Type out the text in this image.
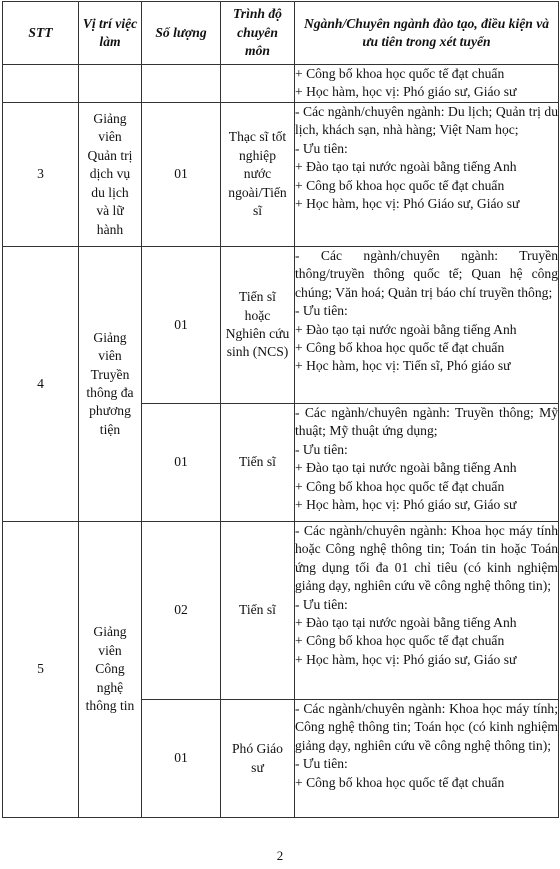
STT	Vị trí việc làm	Số lượng	Trình độ chuyên môn	Ngành/Chuyên ngành đào tạo, điều kiện và ưu tiên trong xét tuyển

				+ Công bố khoa học quốc tế đạt chuẩn
+ Học hàm, học vị: Phó giáo sư, Giáo sư

3	Giảng viên Quản trị dịch vụ du lịch và lữ hành	01	Thạc sĩ tốt nghiệp nước ngoài/Tiến sĩ	- Các ngành/chuyên ngành: Du lịch; Quản trị du lịch, khách sạn, nhà hàng; Việt Nam học;
- Ưu tiên:
+ Đào tạo tại nước ngoài bằng tiếng Anh
+ Công bố khoa học quốc tế đạt chuẩn
+ Học hàm, học vị: Phó Giáo sư, Giáo sư

4	Giảng viên Truyền thông đa phương tiện	01	Tiến sĩ hoặc Nghiên cứu sinh (NCS)	- Các ngành/chuyên ngành: Truyền thông/truyền thông quốc tế; Quan hệ công chúng; Văn hoá; Quản trị báo chí truyền thông;
- Ưu tiên:
+ Đào tạo tại nước ngoài bằng tiếng Anh
+ Công bố khoa học quốc tế đạt chuẩn
+ Học hàm, học vị: Tiến sĩ, Phó giáo sư

		01	Tiến sĩ	- Các ngành/chuyên ngành: Truyền thông; Mỹ thuật; Mỹ thuật ứng dụng;
- Ưu tiên:
+ Đào tạo tại nước ngoài bằng tiếng Anh
+ Công bố khoa học quốc tế đạt chuẩn
+ Học hàm, học vị: Phó giáo sư, Giáo sư

5	Giảng viên Công nghệ thông tin	02	Tiến sĩ	- Các ngành/chuyên ngành: Khoa học máy tính hoặc Công nghệ thông tin; Toán tin hoặc Toán ứng dụng tối đa 01 chỉ tiêu (có kinh nghiệm giảng dạy, nghiên cứu về công nghệ thông tin);
- Ưu tiên:
+ Đào tạo tại nước ngoài bằng tiếng Anh
+ Công bố khoa học quốc tế đạt chuẩn
+ Học hàm, học vị: Phó giáo sư, Giáo sư

		01	Phó Giáo sư	- Các ngành/chuyên ngành: Khoa học máy tính; Công nghệ thông tin; Toán học (có kinh nghiệm giảng dạy, nghiên cứu về công nghệ thông tin);
- Ưu tiên:
+ Công bố khoa học quốc tế đạt chuẩn
2
